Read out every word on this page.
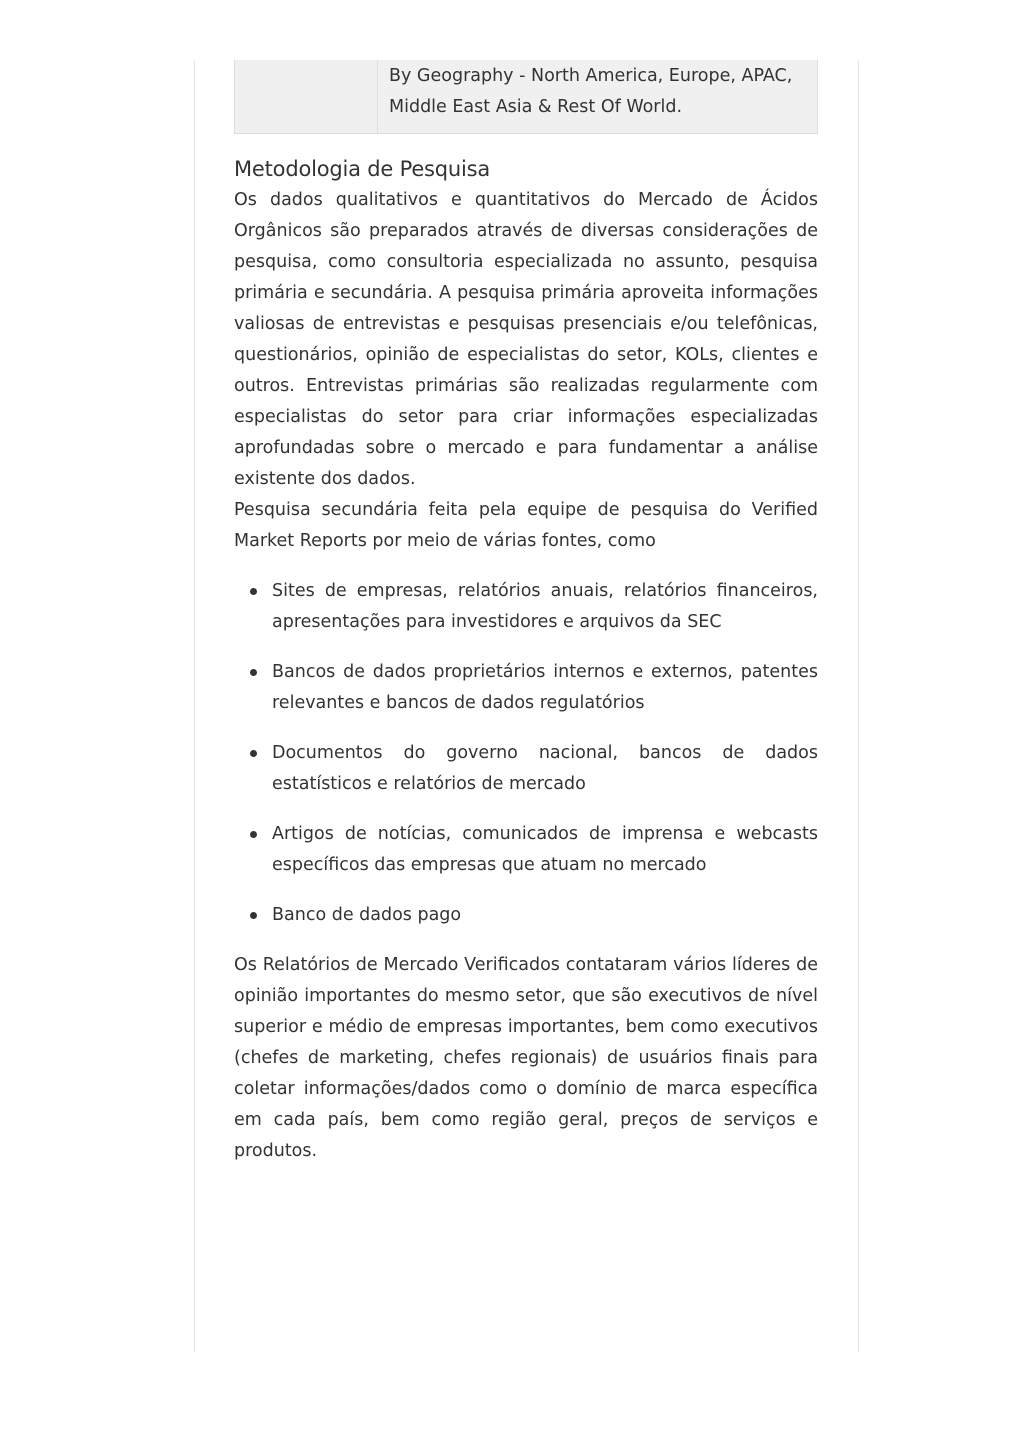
By Geography - North America, Europe, APAC, Middle East Asia & Rest Of World.
Metodologia de Pesquisa

Os dados qualitativos e quantitativos do Mercado de Ácidos Orgânicos são preparados através de diversas considerações de pesquisa, como consultoria especializada no assunto, pesquisa primária e secundária. A pesquisa primária aproveita informações valiosas de entrevistas e pesquisas presenciais e/ou telefônicas, questionários, opinião de especialistas do setor, KOLs, clientes e outros. Entrevistas primárias são realizadas regularmente com especialistas do setor para criar informações especializadas aprofundadas sobre o mercado e para fundamentar a análise existente dos dados.

Pesquisa secundária feita pela equipe de pesquisa do Verified Market Reports por meio de várias fontes, como

Sites de empresas, relatórios anuais, relatórios financeiros, apresentações para investidores e arquivos da SEC
Bancos de dados proprietários internos e externos, patentes relevantes e bancos de dados regulatórios
Documentos do governo nacional, bancos de dados estatísticos e relatórios de mercado
Artigos de notícias, comunicados de imprensa e webcasts específicos das empresas que atuam no mercado
Banco de dados pago

Os Relatórios de Mercado Verificados contataram vários líderes de opinião importantes do mesmo setor, que são executivos de nível superior e médio de empresas importantes, bem como executivos (chefes de marketing, chefes regionais) de usuários finais para coletar informações/dados como o domínio de marca específica em cada país, bem como região geral, preços de serviços e produtos.
